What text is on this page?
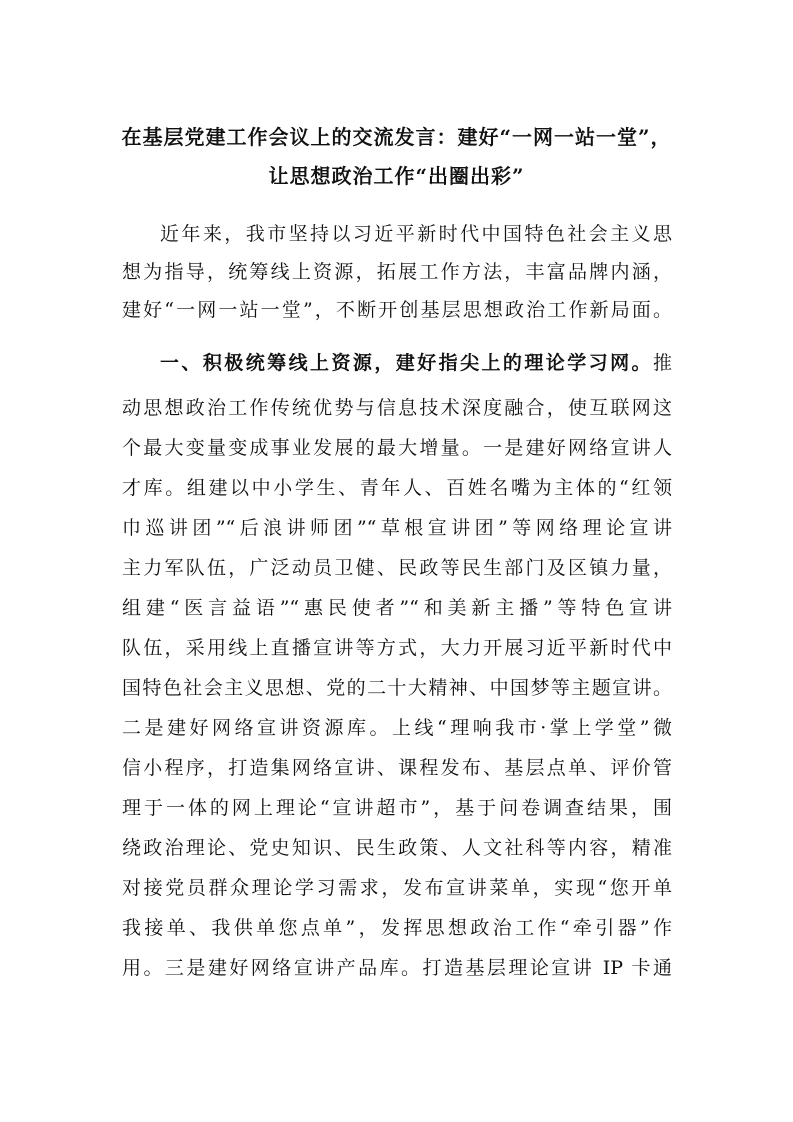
在基层党建工作会议上的交流发言：建好“一网一站一堂”，
让思想政治工作“出圈出彩”
近年来，我市坚持以习近平新时代中国特色社会主义思
想为指导，统筹线上资源，拓展工作方法，丰富品牌内涵，
建好“一网一站一堂”，不断开创基层思想政治工作新局面。
一、积极统筹线上资源，建好指尖上的理论学习网。推
动思想政治工作传统优势与信息技术深度融合，使互联网这
个最大变量变成事业发展的最大增量。一是建好网络宣讲人
才库。组建以中小学生、青年人、百姓名嘴为主体的“红领
巾巡讲团”“后浪讲师团”“草根宣讲团”等网络理论宣讲
主力军队伍，广泛动员卫健、民政等民生部门及区镇力量，
组建“医言益语”“惠民使者”“和美新主播”等特色宣讲
队伍，采用线上直播宣讲等方式，大力开展习近平新时代中
国特色社会主义思想、党的二十大精神、中国梦等主题宣讲。
二是建好网络宣讲资源库。上线“理响我市·掌上学堂”微
信小程序，打造集网络宣讲、课程发布、基层点单、评价管
理于一体的网上理论“宣讲超市”，基于问卷调查结果，围
绕政治理论、党史知识、民生政策、人文社科等内容，精准
对接党员群众理论学习需求，发布宣讲菜单，实现“您开单
我接单、我供单您点单”，发挥思想政治工作“牵引器”作
用。三是建好网络宣讲产品库。打造基层理论宣讲 IP 卡通
